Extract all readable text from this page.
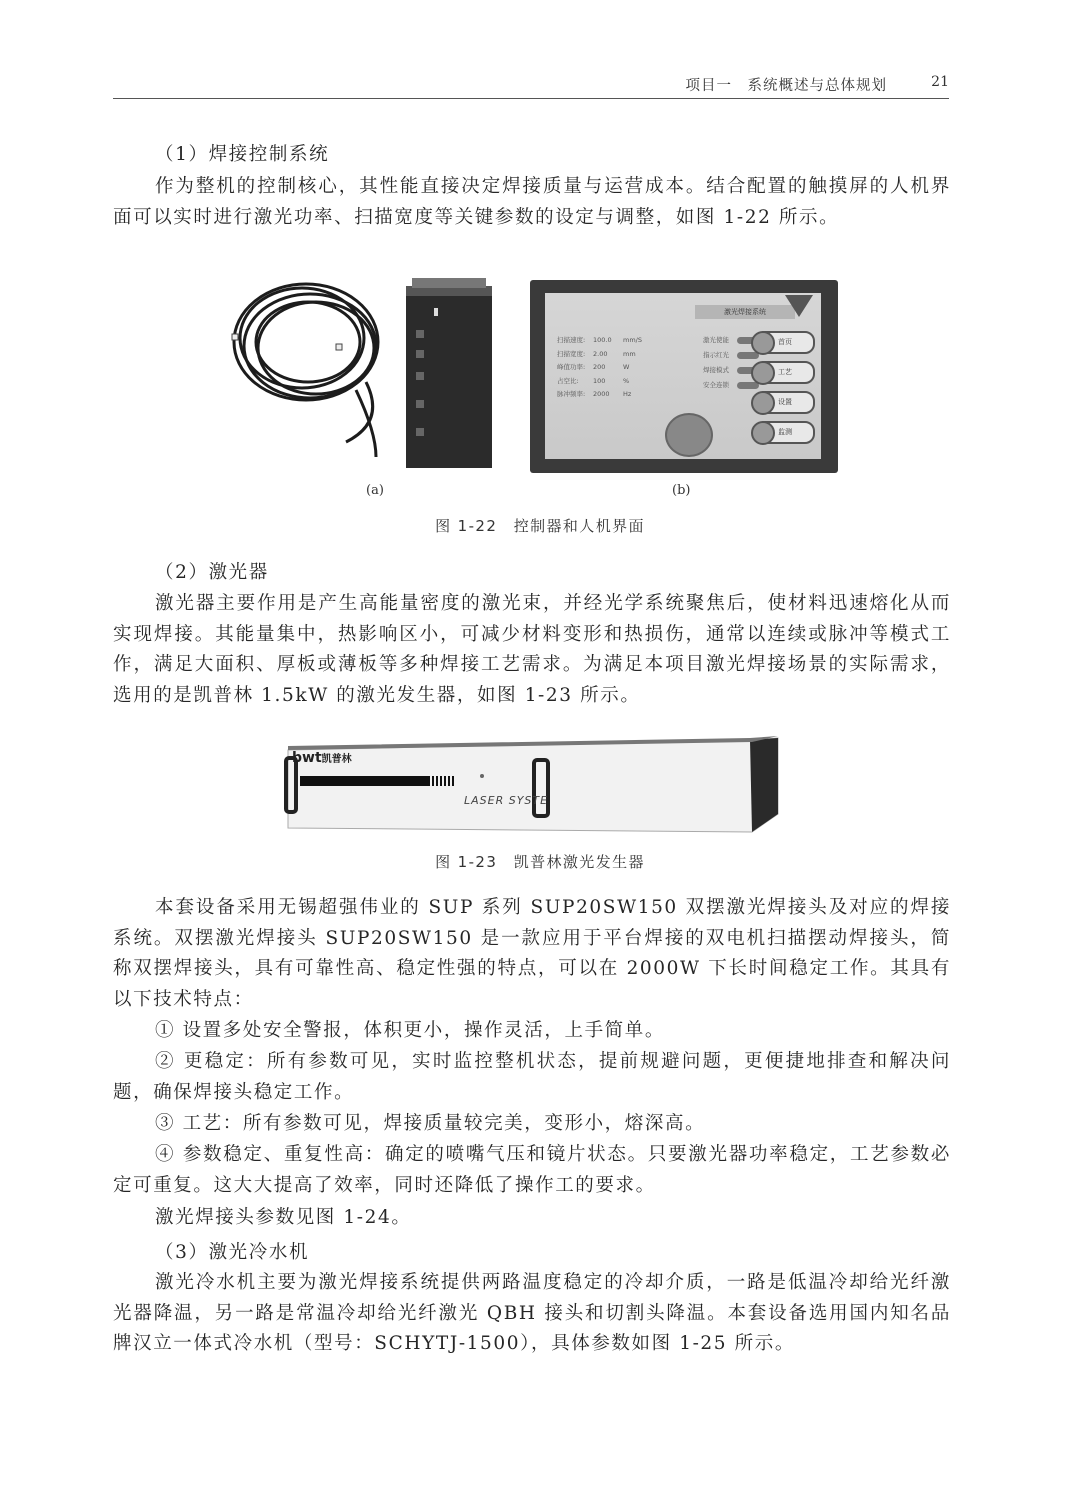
项目一　系统概述与总体规划	21
（1）焊接控制系统
作为整机的控制核心，其性能直接决定焊接质量与运营成本。结合配置的触摸屏的人机界面可以实时进行激光功率、扫描宽度等关键参数的设定与调整，如图 1-22 所示。
激光焊接系统
扫描速度: 100.0 mm/S
扫描宽度: 2.00 mm
峰值功率: 200	W
占空比: 100	%
脉冲频率: 2000 Hz
激光使能
指示红光
焊接模式
安全连锁
首页
工艺
设置
监测
(a)	(b)
图 1-22　控制器和人机界面
（2）激光器
激光器主要作用是产生高能量密度的激光束，并经光学系统聚焦后，使材料迅速熔化从而实现焊接。其能量集中，热影响区小，可减少材料变形和热损伤，通常以连续或脉冲等模式工作，满足大面积、厚板或薄板等多种焊接工艺需求。为满足本项目激光焊接场景的实际需求，选用的是凯普林 1.5kW 的激光发生器，如图 1-23 所示。
bwt凯普林
LASER SYSTE
图 1-23　凯普林激光发生器
本套设备采用无锡超强伟业的 SUP 系列 SUP20SW150 双摆激光焊接头及对应的焊接系统。双摆激光焊接头 SUP20SW150 是一款应用于平台焊接的双电机扫描摆动焊接头，简称双摆焊接头，具有可靠性高、稳定性强的特点，可以在 2000W 下长时间稳定工作。其具有以下技术特点：
① 设置多处安全警报，体积更小，操作灵活，上手简单。
② 更稳定：所有参数可见，实时监控整机状态，提前规避问题，更便捷地排查和解决问题，确保焊接头稳定工作。
③ 工艺：所有参数可见，焊接质量较完美，变形小，熔深高。
④ 参数稳定、重复性高：确定的喷嘴气压和镜片状态。只要激光器功率稳定，工艺参数必定可重复。这大大提高了效率，同时还降低了操作工的要求。
激光焊接头参数见图 1-24。
（3）激光冷水机
激光冷水机主要为激光焊接系统提供两路温度稳定的冷却介质，一路是低温冷却给光纤激光器降温，另一路是常温冷却给光纤激光 QBH 接头和切割头降温。本套设备选用国内知名品牌汉立一体式冷水机（型号：SCHYTJ-1500），具体参数如图 1-25 所示。
